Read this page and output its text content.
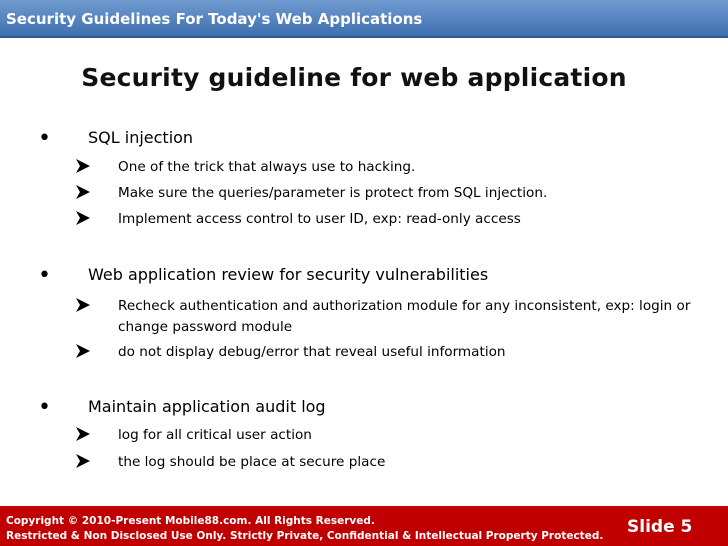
Security Guidelines For Today's Web Applications
Security guideline for web application
• SQL injection
One of the trick that always use to hacking.
Make sure the queries/parameter is protect from SQL injection.
Implement access control to user ID, exp: read-only access
• Web application review for security vulnerabilities
Recheck authentication and authorization module for any inconsistent, exp: login or change password module
do not display debug/error that reveal useful information
• Maintain application audit log
log for all critical user action
the log should be place at secure place
Copyright © 2010-Present Mobile88.com. All Rights Reserved.
Restricted & Non Disclosed Use Only. Strictly Private, Confidential & Intellectual Property Protected. Slide 5
